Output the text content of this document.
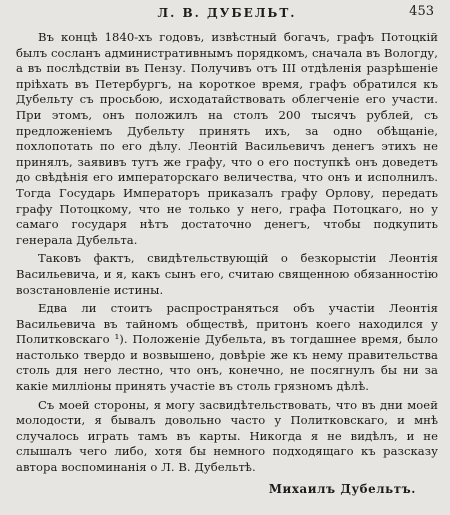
Л. В. ДУБЕЛЬТ.	453

Въ концѣ 1840-хъ годовъ, извѣстный богачъ, графъ Потоцкій былъ сосланъ административнымъ порядкомъ, сначала въ Вологду, а въ послѣдствіи въ Пензу. Получивъ отъ III отдѣленія разрѣшеніе пріѣхать въ Петербургъ, на короткое время, графъ обратился къ Дубельту съ просьбою, исходатайствовать облегченіе его участи. При этомъ, онъ положилъ на столъ 200 тысячъ рублей, съ предложеніемъ Дубельту принять ихъ, за одно обѣщаніе, похлопотать по его дѣлу. Леонтій Васильевичъ денегъ этихъ не принялъ, заявивъ тутъ же графу, что о его поступкѣ онъ доведетъ до свѣдѣнія его императорскаго величества, что онъ и исполнилъ. Тогда Государь Императоръ приказалъ графу Орлову, передать графу Потоцкому, что не только у него, графа Потоцкаго, но у самаго государя нѣтъ достаточно денегъ, чтобы подкупить генерала Дубельта.

Таковъ фактъ, свидѣтельствующій о безкорыстіи Леонтія Васильевича, и я, какъ сынъ его, считаю священною обязанностію возстановленіе истины.

Едва ли стоитъ распространяться объ участіи Леонтія Васильевича въ тайномъ обществѣ, притонъ коего находился у Политковскаго ¹). Положеніе Дубельта, въ тогдашнее время, было настолько твердо и возвышено, довѣріе же къ нему правительства столь для него лестно, что онъ, конечно, не посягнулъ бы ни за какіе милліоны принять участіе въ столь грязномъ дѣлѣ.

Съ моей стороны, я могу засвидѣтельствовать, что въ дни моей молодости, я бывалъ довольно часто у Политковскаго, и мнѣ случалось играть тамъ въ карты. Никогда я не видѣлъ, и не слышалъ чего либо, хотя бы немного подходящаго къ разсказу автора воспоминанія о Л. В. Дубельтѣ.

Михаилъ Дубельтъ.
